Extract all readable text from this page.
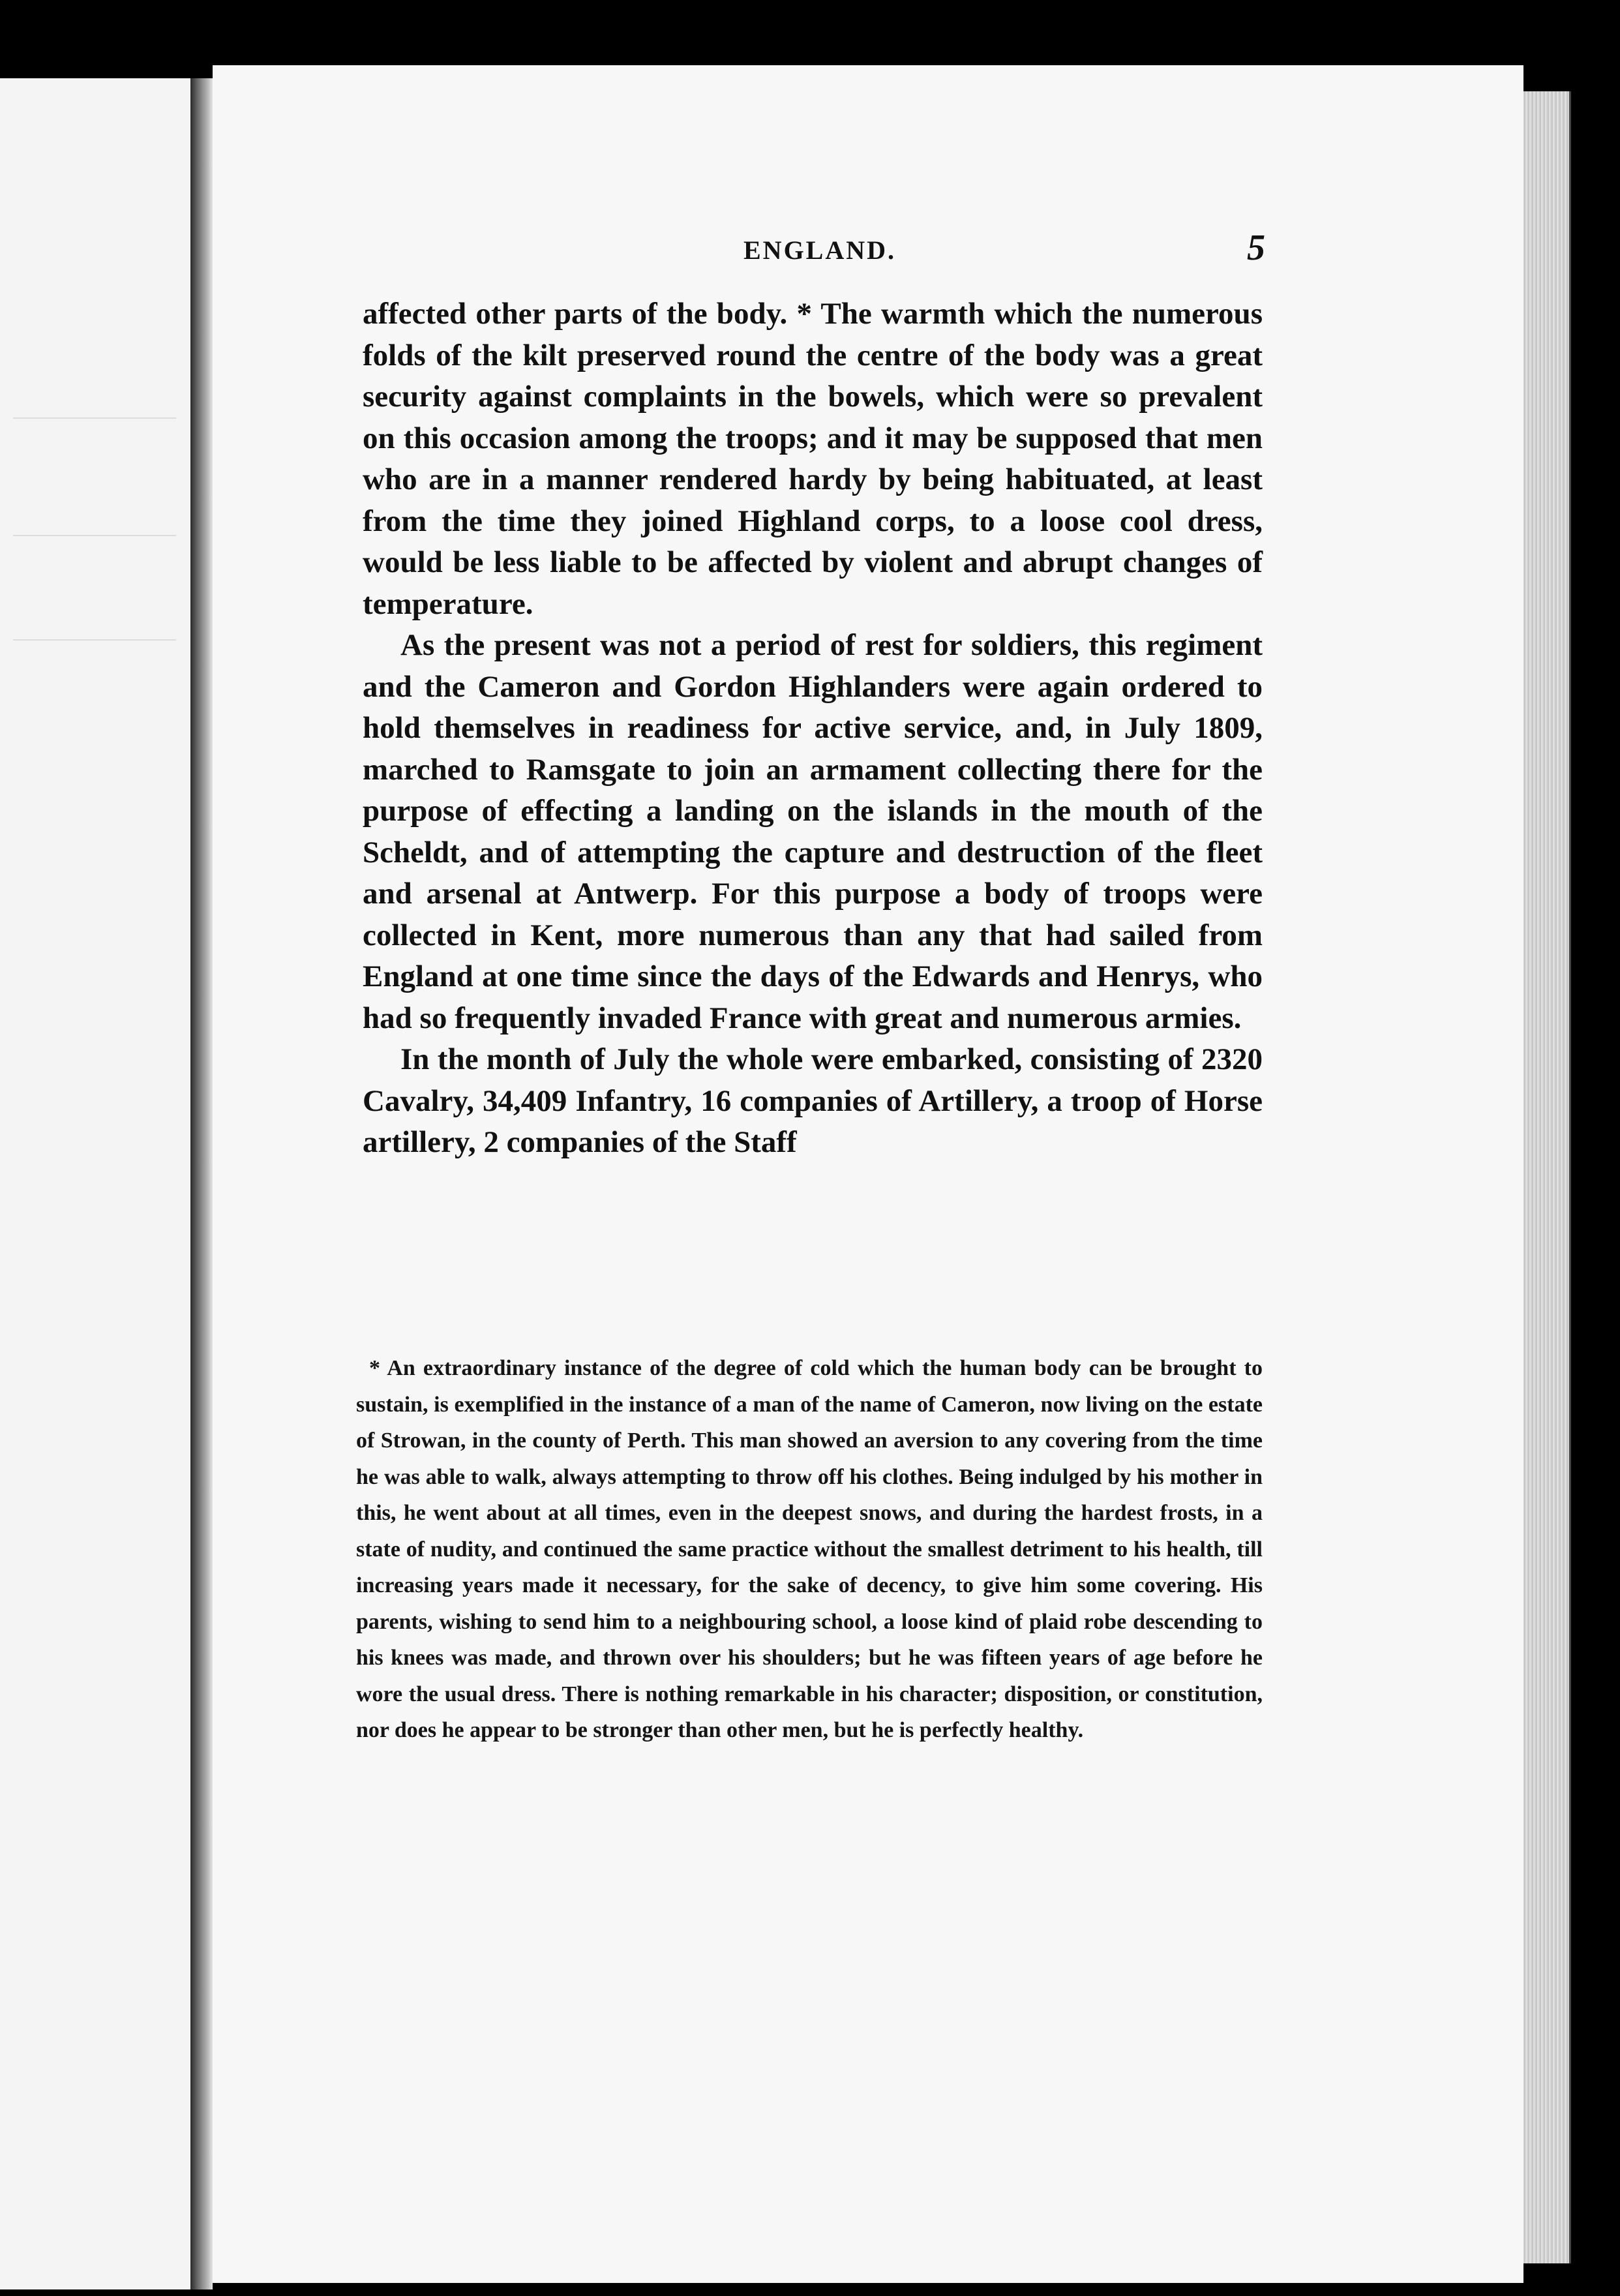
ENGLAND.	5

affected other parts of the body. * The warmth which the numerous folds of the kilt preserved round the centre of the body was a great security against complaints in the bowels, which were so prevalent on this occasion among the troops; and it may be supposed that men who are in a manner rendered hardy by being habituated, at least from the time they joined Highland corps, to a loose cool dress, would be less liable to be affected by violent and abrupt changes of temperature.

As the present was not a period of rest for soldiers, this regiment and the Cameron and Gordon Highlanders were again ordered to hold themselves in readiness for active service, and, in July 1809, marched to Ramsgate to join an armament collecting there for the purpose of effecting a landing on the islands in the mouth of the Scheldt, and of attempting the capture and destruction of the fleet and arsenal at Antwerp. For this purpose a body of troops were collected in Kent, more numerous than any that had sailed from England at one time since the days of the Edwards and Henrys, who had so frequently invaded France with great and numerous armies.

In the month of July the whole were embarked, consisting of 2320 Cavalry, 34,409 Infantry, 16 companies of Artillery, a troop of Horse artillery, 2 companies of the Staff

* An extraordinary instance of the degree of cold which the human body can be brought to sustain, is exemplified in the instance of a man of the name of Cameron, now living on the estate of Strowan, in the county of Perth. This man showed an aversion to any covering from the time he was able to walk, always attempting to throw off his clothes. Being indulged by his mother in this, he went about at all times, even in the deepest snows, and during the hardest frosts, in a state of nudity, and continued the same practice without the smallest detriment to his health, till increasing years made it necessary, for the sake of decency, to give him some covering. His parents, wishing to send him to a neighbouring school, a loose kind of plaid robe descending to his knees was made, and thrown over his shoulders; but he was fifteen years of age before he wore the usual dress. There is nothing remarkable in his character; disposition, or constitution, nor does he appear to be stronger than other men, but he is perfectly healthy.
